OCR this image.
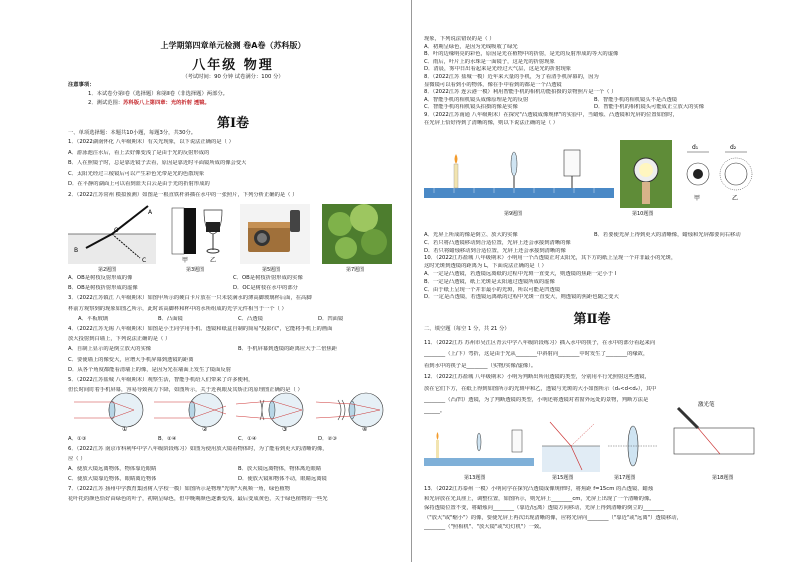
上学期第四章单元检测 卷A卷（苏科版）
八年级 物理
（考试时间：90 分钟 试卷满分：100 分）
注意事项：
1．本试卷分第Ⅰ卷（选择题）和第Ⅱ卷（非选择题）两部分。
2．测试范围：苏科版八上第四章：光的折射 透镜。
第Ⅰ卷
一、单项选择题：本题共10小题，每题3分，共30分。
O
A
B
C	甲	乙
第2题图	第3题图	第5题图	第7题图
①	②	③	④
1．（2022湖南怀化 八年级期末）有关光现象，以下说法正确的是（ ）
A．游泳池注水后，看上去好像变浅了是由于光的反射形成的
B．人在照镜子时，总是靠近镜子去看，原因是靠近时平面镜所成的像会变大
C．太阳光经过三棱镜后可以产生彩色光带是光的色散现象
D．在平静的湖面上可以看到蓝天白云是由于光的折射形成的
2．（2022江苏常州 模拟预测）如图是一根直铁杆斜插在水中的一张照片，下列分析正确的是（ ）
A．OB是树枝反射形成的像	C．OB是树枝折射形成的实像
B．OB是树枝折射形成的虚像	D．OC是树枝在水中的部分
3．（2022江苏镇江 八年级期末）如图甲所示的硬白卡片放在一只未装满水的薄高脚玻璃杯后面，在高脚
杯前方观察到的现象如图乙所示，此时该高脚杯和杯中的水所组成的光学元件相当于一个（ ）
A．平板玻璃	B．凸面镜	C．凸透镜	D．凹面镜
4．（2022江苏无锡 八年级期末）如图是小王同学用手机、透镜和纸盒自制的简易"投影仪"，它能将手机上的画面
放大投射到白墙上，下列说法正确的是（ ）
A．自制上显示的是倒立放大的实像	B．手机屏幕到透镜的距离应大于二倍焦距
C．要使墙上的像变大，应增大手机屏幕到透镜的距离
D．从各个角度都能看清墙上的像，是因为光在墙面上发生了镜面反射
5．（2022江苏盐城 八年级期末）观察生活，智能手机给人们带来了许多便利，
但长时间盯着手机屏幕，容易导致视力下降，如图所示，关于近视眼及其矫正的原理图正确的是（ ）
A．①③	B．②④	C．①④	D．②③
6．（2022江苏 南京市科利华中学八年级阶段练习）如图为使用放大镜看物体时，为了能看到更大的清晰的像，
应（ ）
A．使放大镜远离物体，物体靠近眼睛	B．放大镜远离物体，物体离近眼睛
C．使放大镜靠近物体，眼睛离近物体	D．使放大镜和物体不动，眼睛远离镜
7．（2022江苏 扬州中学教育集团树人学校一模）如图所示是物理"光明"大视频一角，绿色植物
花叶托的颜色恰好由绿色的叶子，初期呈绿色，但中晚期颜色逐渐变浅，最后变成黄色，关于绿色植物的一些光
d₁	d₂
甲	乙
第9题图	第10题图
第Ⅱ卷
二、填空题（每空 1 分，共 21 分）
激光笔
第13题图	第15题图	第17题图	第18题图
现象，下列说法错误的是（ ）
A．初期呈绿色，是因为光线吸收了绿光
B．叶的边缘明亮的彩色，原因是光在植物中的折射，是光的反射形成的等大的虚像
C．雨后，叶片上的水珠是一面镜子，这是光的折射现象
D．清晨，雾中日出看起来是光经过大气层，这是光的折射现象
8．（2022江苏 盐城一模）近年来大量的手机，为了看清手机屏幕的，因为
显微镜可以看到小的物体，像在手中看到的都是一个凸透镜
8．（2022江苏 连云港一模）利用智能手机的相机功能拍摄的景物照片是一个（ ）
A．智能手机的相机镜头成像原理是光的反射	B．智能手机的相机镜头不是凸透镜
C．智能手机的相机镜头拍摄的像是实像	D．智能手机的相机镜头可能成正立放大的实像
9．（2022江苏南通 八年级期末）在探究"凸透镜成像规律"的实验中，当蜡烛、凸透镜和光屏的位置如图时，
在光屏上恰好得到了清晰的像，则以下说法正确的是（ ）
A．光屏上所成的像是倒立、放大的实像	B．若要使光屏上得到更大的清晰像，蜡烛和光屏都要向右移动
C．若只将凸透镜移动到合适位置，光屏上还会承接到清晰的像
D．若只将蜡烛移动到合适位置，光屏上还会承接到清晰的像
10．（2022江苏盐城 八年级期末）小明用一个凸透镜正对太阳光，其下方的纸上呈现一个并非最小的光斑，
这时光斑到透镜的距离为 L，下面说法正确的是（ ）
A．一定是凸透镜，若透镜远离纸的过程中光斑一直变大，则透镜的焦距一定小于 l
B．一定是凸透镜，纸上光斑是太阳通过透镜所成的虚像
C．由于纸上呈现一个并非最小的光斑，所以可能是凹透镜
D．一定是凸透镜，若透镜远离纸的过程中光斑一直变大，则透镜的焦距也随之变大
11．（2022江苏 苏州市吴江区青云中学八年级阶段练习）插入水中的筷子，在水中的部分看起来向
________（上/下）弯折，这是由于光从________中斜射向________中时发生了________的缘故，
看到水中的筷子是________（实物/实像/虚像）。
12．（2022江苏盐城 八年级期末）小明为判断出所用透镜的类型，分别用平行光照射这些透镜，
放在它们下方，在纸上得到如图所示的光斑甲和乙，透镜与光斑的大小如图所示（d₁<d<d₂），其中
________（凸/凹）透镜，为了判断透镜的类型，小明还将透镜对着窗外远处的景物，判断方法是
______。
13．（2022江苏泰州 一模）小明同学在探究凸透镜成像规律时，将焦距 f=15cm 的凸透镜、蜡烛
和光屏放在光具座上，调整位置，如图所示，则光屏上________cm，光屏上出现了一个清晰的像。
保持透镜位置不变，将蜡烛向________（靠近/远离）透镜方向移动，光屏上得到清晰的倒立的________
（"放大"或"缩小"）的像，要使光屏上再次出现清晰的像，应将光屏向________（"靠近"或"远离"）透镜移动，
________（"照相机"、"放大镜"或"幻灯机"）一致。
